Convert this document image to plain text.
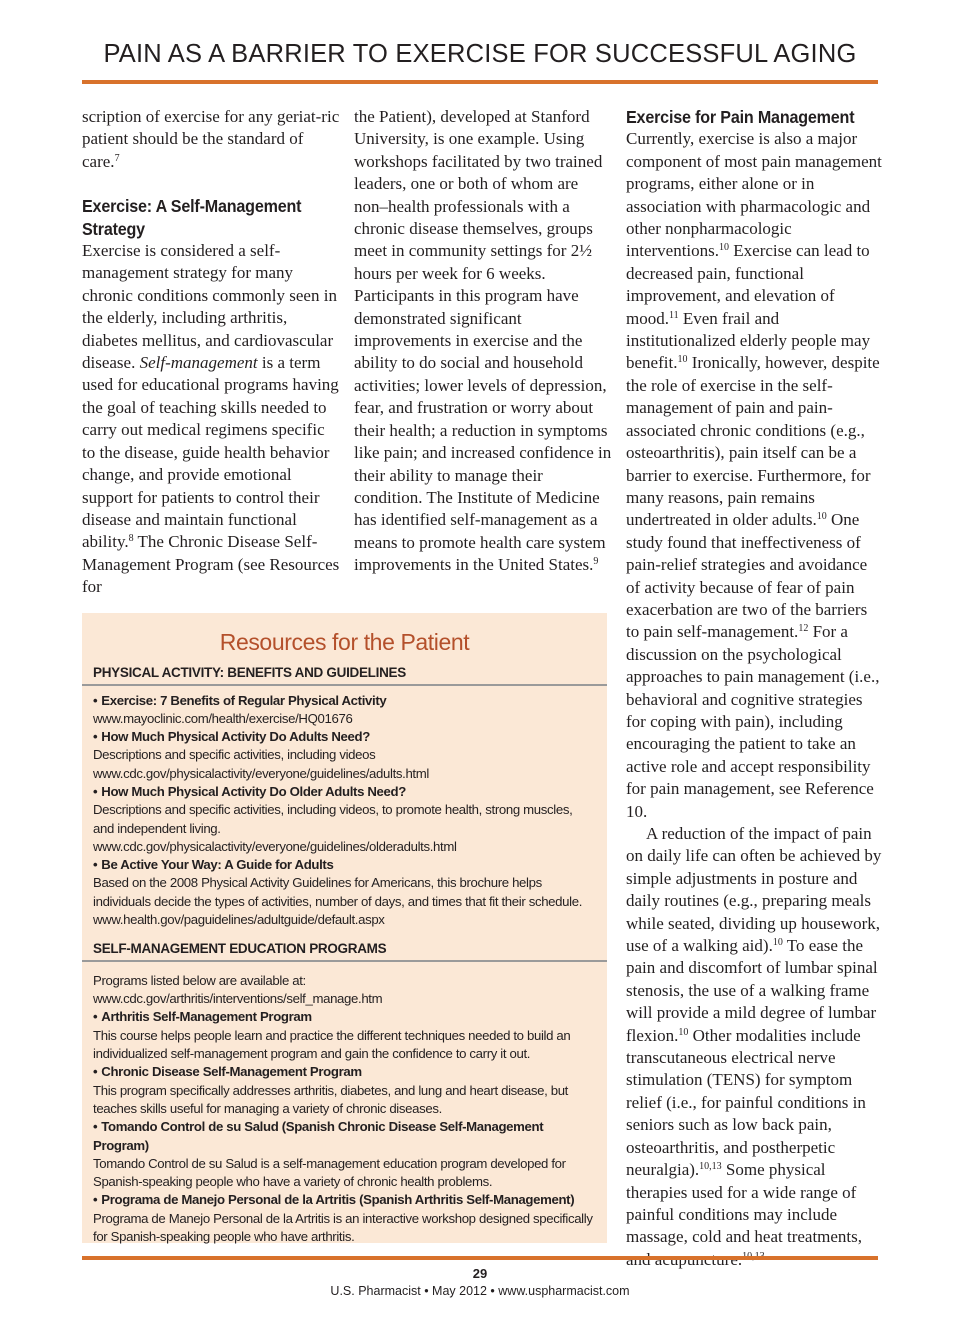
PAIN AS A BARRIER TO EXERCISE FOR SUCCESSFUL AGING

scription of exercise for any geriat-ric patient should be the standard of care.$^7$

Exercise: A Self-Management Strategy

Exercise is considered a self-management strategy for many chronic conditions commonly seen in the elderly, including arthritis, diabetes mellitus, and cardiovascular disease. Self-management is a term used for educational programs having the goal of teaching skills needed to carry out medical regimens specific to the disease, guide health behavior change, and provide emotional support for patients to control their disease and maintain functional ability.$^8$ The Chronic Disease Self-Management Program (see Resources for

the Patient), developed at Stanford University, is one example. Using workshops facilitated by two trained leaders, one or both of whom are non–health professionals with a chronic disease themselves, groups meet in community settings for 2½ hours per week for 6 weeks. Participants in this program have demonstrated significant improvements in exercise and the ability to do social and household activities; lower levels of depression, fear, and frustration or worry about their health; a reduction in symptoms like pain; and increased confidence in their ability to manage their condition. The Institute of Medicine has identified self-management as a means to promote health care system improvements in the United States.$^9$

Exercise for Pain Management

Currently, exercise is also a major component of most pain management programs, either alone or in association with pharmacologic and other nonpharmacologic interventions.$^{10}$ Exercise can lead to decreased pain, functional improvement, and elevation of mood.$^{11}$ Even frail and institutionalized elderly people may benefit.$^{10}$ Ironically, however, despite the role of exercise in the self-management of pain and pain-associated chronic conditions (e.g., osteoarthritis), pain itself can be a barrier to exercise. Furthermore, for many reasons, pain remains undertreated in older adults.$^{10}$ One study found that ineffectiveness of pain-relief strategies and avoidance of activity because of fear of pain exacerbation are two of the barriers to pain self-management.$^{12}$ For a discussion on the psychological approaches to pain management (i.e., behavioral and cognitive strategies for coping with pain), including encouraging the patient to take an active role and accept responsibility for pain management, see Reference 10.

A reduction of the impact of pain on daily life can often be achieved by simple adjustments in posture and daily routines (e.g., preparing meals while seated, dividing up housework, use of a walking aid).$^{10}$ To ease the pain and discomfort of lumbar spinal stenosis, the use of a walking frame will provide a mild degree of lumbar flexion.$^{10}$ Other modalities include transcutaneous electrical nerve stimulation (TENS) for symptom relief (i.e., for painful conditions in seniors such as low back pain, osteoarthritis, and postherpetic neuralgia).$^{10,13}$ Some physical therapies used for a wide range of painful conditions may include massage, cold and heat treatments,

Resources for the Patient
PHYSICAL ACTIVITY: BENEFITS AND GUIDELINES
• Exercise: 7 Benefits of Regular Physical Activity
www.mayoclinic.com/health/exercise/HQ01676
• How Much Physical Activity Do Adults Need?
Descriptions and specific activities, including videos
www.cdc.gov/physicalactivity/everyone/guidelines/adults.html
• How Much Physical Activity Do Older Adults Need?
Descriptions and specific activities, including videos, to promote health, strong muscles, and independent living.
www.cdc.gov/physicalactivity/everyone/guidelines/olderadults.html
• Be Active Your Way: A Guide for Adults
Based on the 2008 Physical Activity Guidelines for Americans, this brochure helps individuals decide the types of activities, number of days, and times that fit their schedule.
www.health.gov/paguidelines/adultguide/default.aspx
SELF-MANAGEMENT EDUCATION PROGRAMS
Programs listed below are available at:
www.cdc.gov/arthritis/interventions/self_manage.htm
• Arthritis Self-Management Program
This course helps people learn and practice the different techniques needed to build an individualized self-management program and gain the confidence to carry it out.
• Chronic Disease Self-Management Program
This program specifically addresses arthritis, diabetes, and lung and heart disease, but teaches skills useful for managing a variety of chronic diseases.
• Tomando Control de su Salud (Spanish Chronic Disease Self-Management Program)
Tomando Control de su Salud is a self-management education program developed for Spanish-speaking people who have a variety of chronic health problems.
• Programa de Manejo Personal de la Artritis (Spanish Arthritis Self-Management)
Programa de Manejo Personal de la Artritis is an interactive workshop designed specifically for Spanish-speaking people who have arthritis.
29
U.S. Pharmacist • May 2012 • www.uspharmacist.com
